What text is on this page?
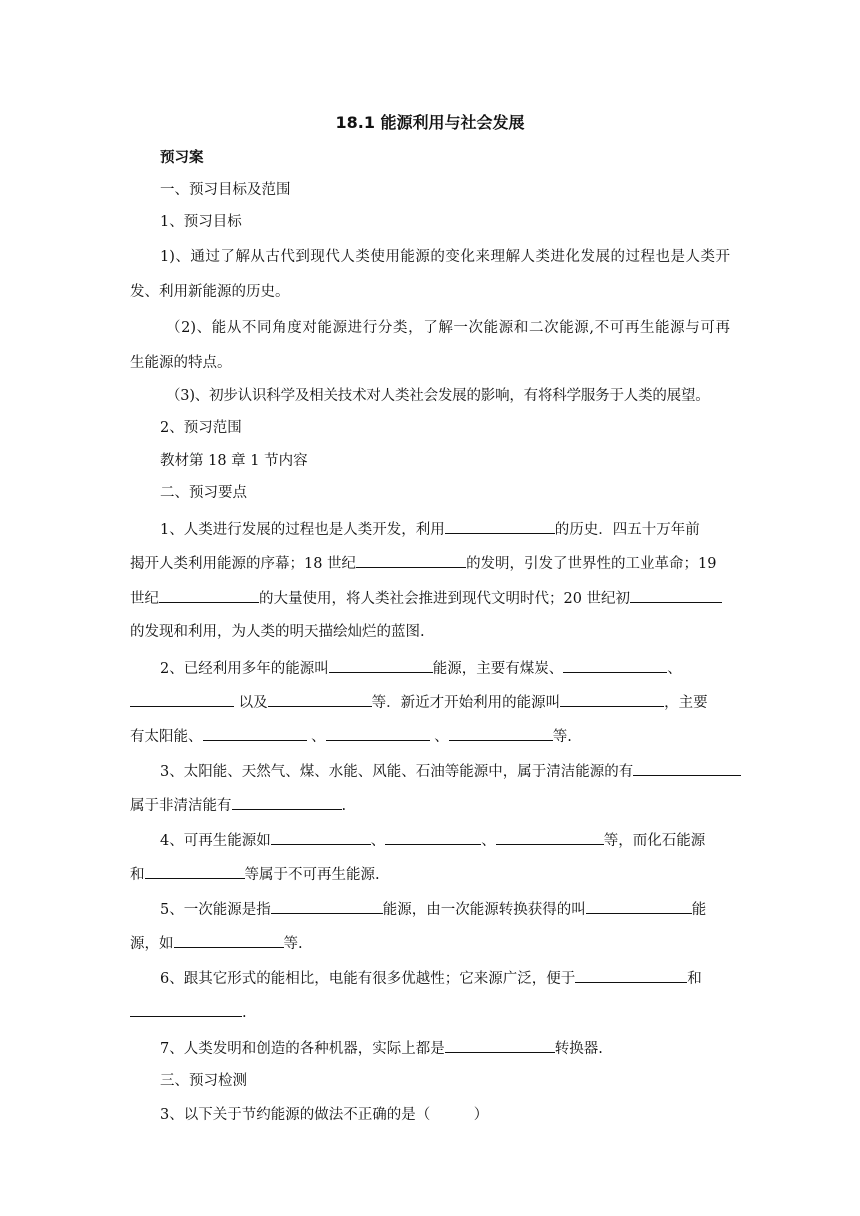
18.1 能源利用与社会发展
预习案
一、预习目标及范围
1、预习目标
1)、通过了解从古代到现代人类使用能源的变化来理解人类进化发展的过程也是人类开
发、利用新能源的历史。
（2)、能从不同角度对能源进行分类，了解一次能源和二次能源,不可再生能源与可再
生能源的特点。
（3)、初步认识科学及相关技术对人类社会发展的影响，有将科学服务于人类的展望。
2、预习范围
教材第 18 章 1 节内容
二、预习要点
1、人类进行发展的过程也是人类开发，利用	的历史．四五十万年前
揭开人类利用能源的序幕；18 世纪	的发明，引发了世界性的工业革命；19
世纪	的大量使用，将人类社会推进到现代文明时代；20 世纪初
的发现和利用，为人类的明天描绘灿烂的蓝图.
2、已经利用多年的能源叫	能源，主要有煤炭、	、
以及	等．新近才开始利用的能源叫	，主要
有太阳能、	、	、	等.
3、太阳能、天然气、煤、水能、风能、石油等能源中，属于清洁能源的有
属于非清洁能有	.
4、可再生能源如	、	、	等，而化石能源
和	等属于不可再生能源.
5、一次能源是指	能源，由一次能源转换获得的叫	能
源，如	等.
6、跟其它形式的能相比，电能有很多优越性；它来源广泛，便于	和
.
7、人类发明和创造的各种机器，实际上都是	转换器.
三、预习检测
3、以下关于节约能源的做法不正确的是（　　　）
